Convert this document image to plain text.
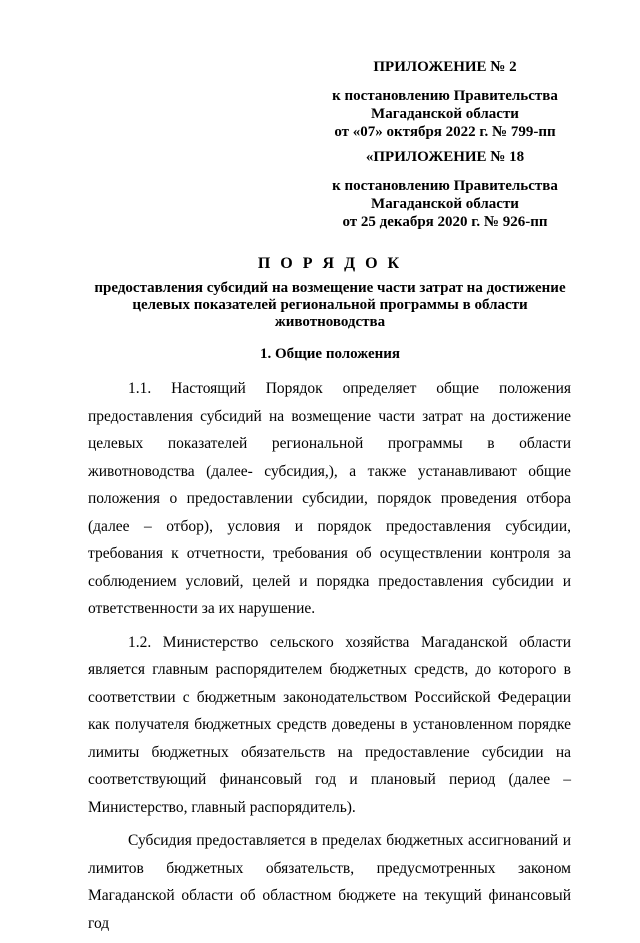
ПРИЛОЖЕНИЕ № 2
к постановлению Правительства
Магаданской области
от «07» октября 2022 г. № 799-пп
«ПРИЛОЖЕНИЕ № 18
к постановлению Правительства
Магаданской области
от 25 декабря 2020 г. № 926-пп
П О Р Я Д О К
предоставления субсидий на возмещение части затрат на достижение целевых показателей региональной программы в области животноводства
1. Общие положения

1.1. Настоящий Порядок определяет общие положения предоставления субсидий на возмещение части затрат на достижение целевых показателей региональной программы в области животноводства (далее- субсидия,), а также устанавливают общие положения о предоставлении субсидии, порядок проведения отбора (далее – отбор), условия и порядок предоставления субсидии, требования к отчетности, требования об осуществлении контроля за соблюдением условий, целей и порядка предоставления субсидии и ответственности за их нарушение.

1.2. Министерство сельского хозяйства Магаданской области является главным распорядителем бюджетных средств, до которого в соответствии с бюджетным законодательством Российской Федерации как получателя бюджетных средств доведены в установленном порядке лимиты бюджетных обязательств на предоставление субсидии на соответствующий финансовый год и плановый период (далее – Министерство, главный распорядитель).

Субсидия предоставляется в пределах бюджетных ассигнований и лимитов бюджетных обязательств, предусмотренных законом Магаданской области об областном бюджете на текущий финансовый год
